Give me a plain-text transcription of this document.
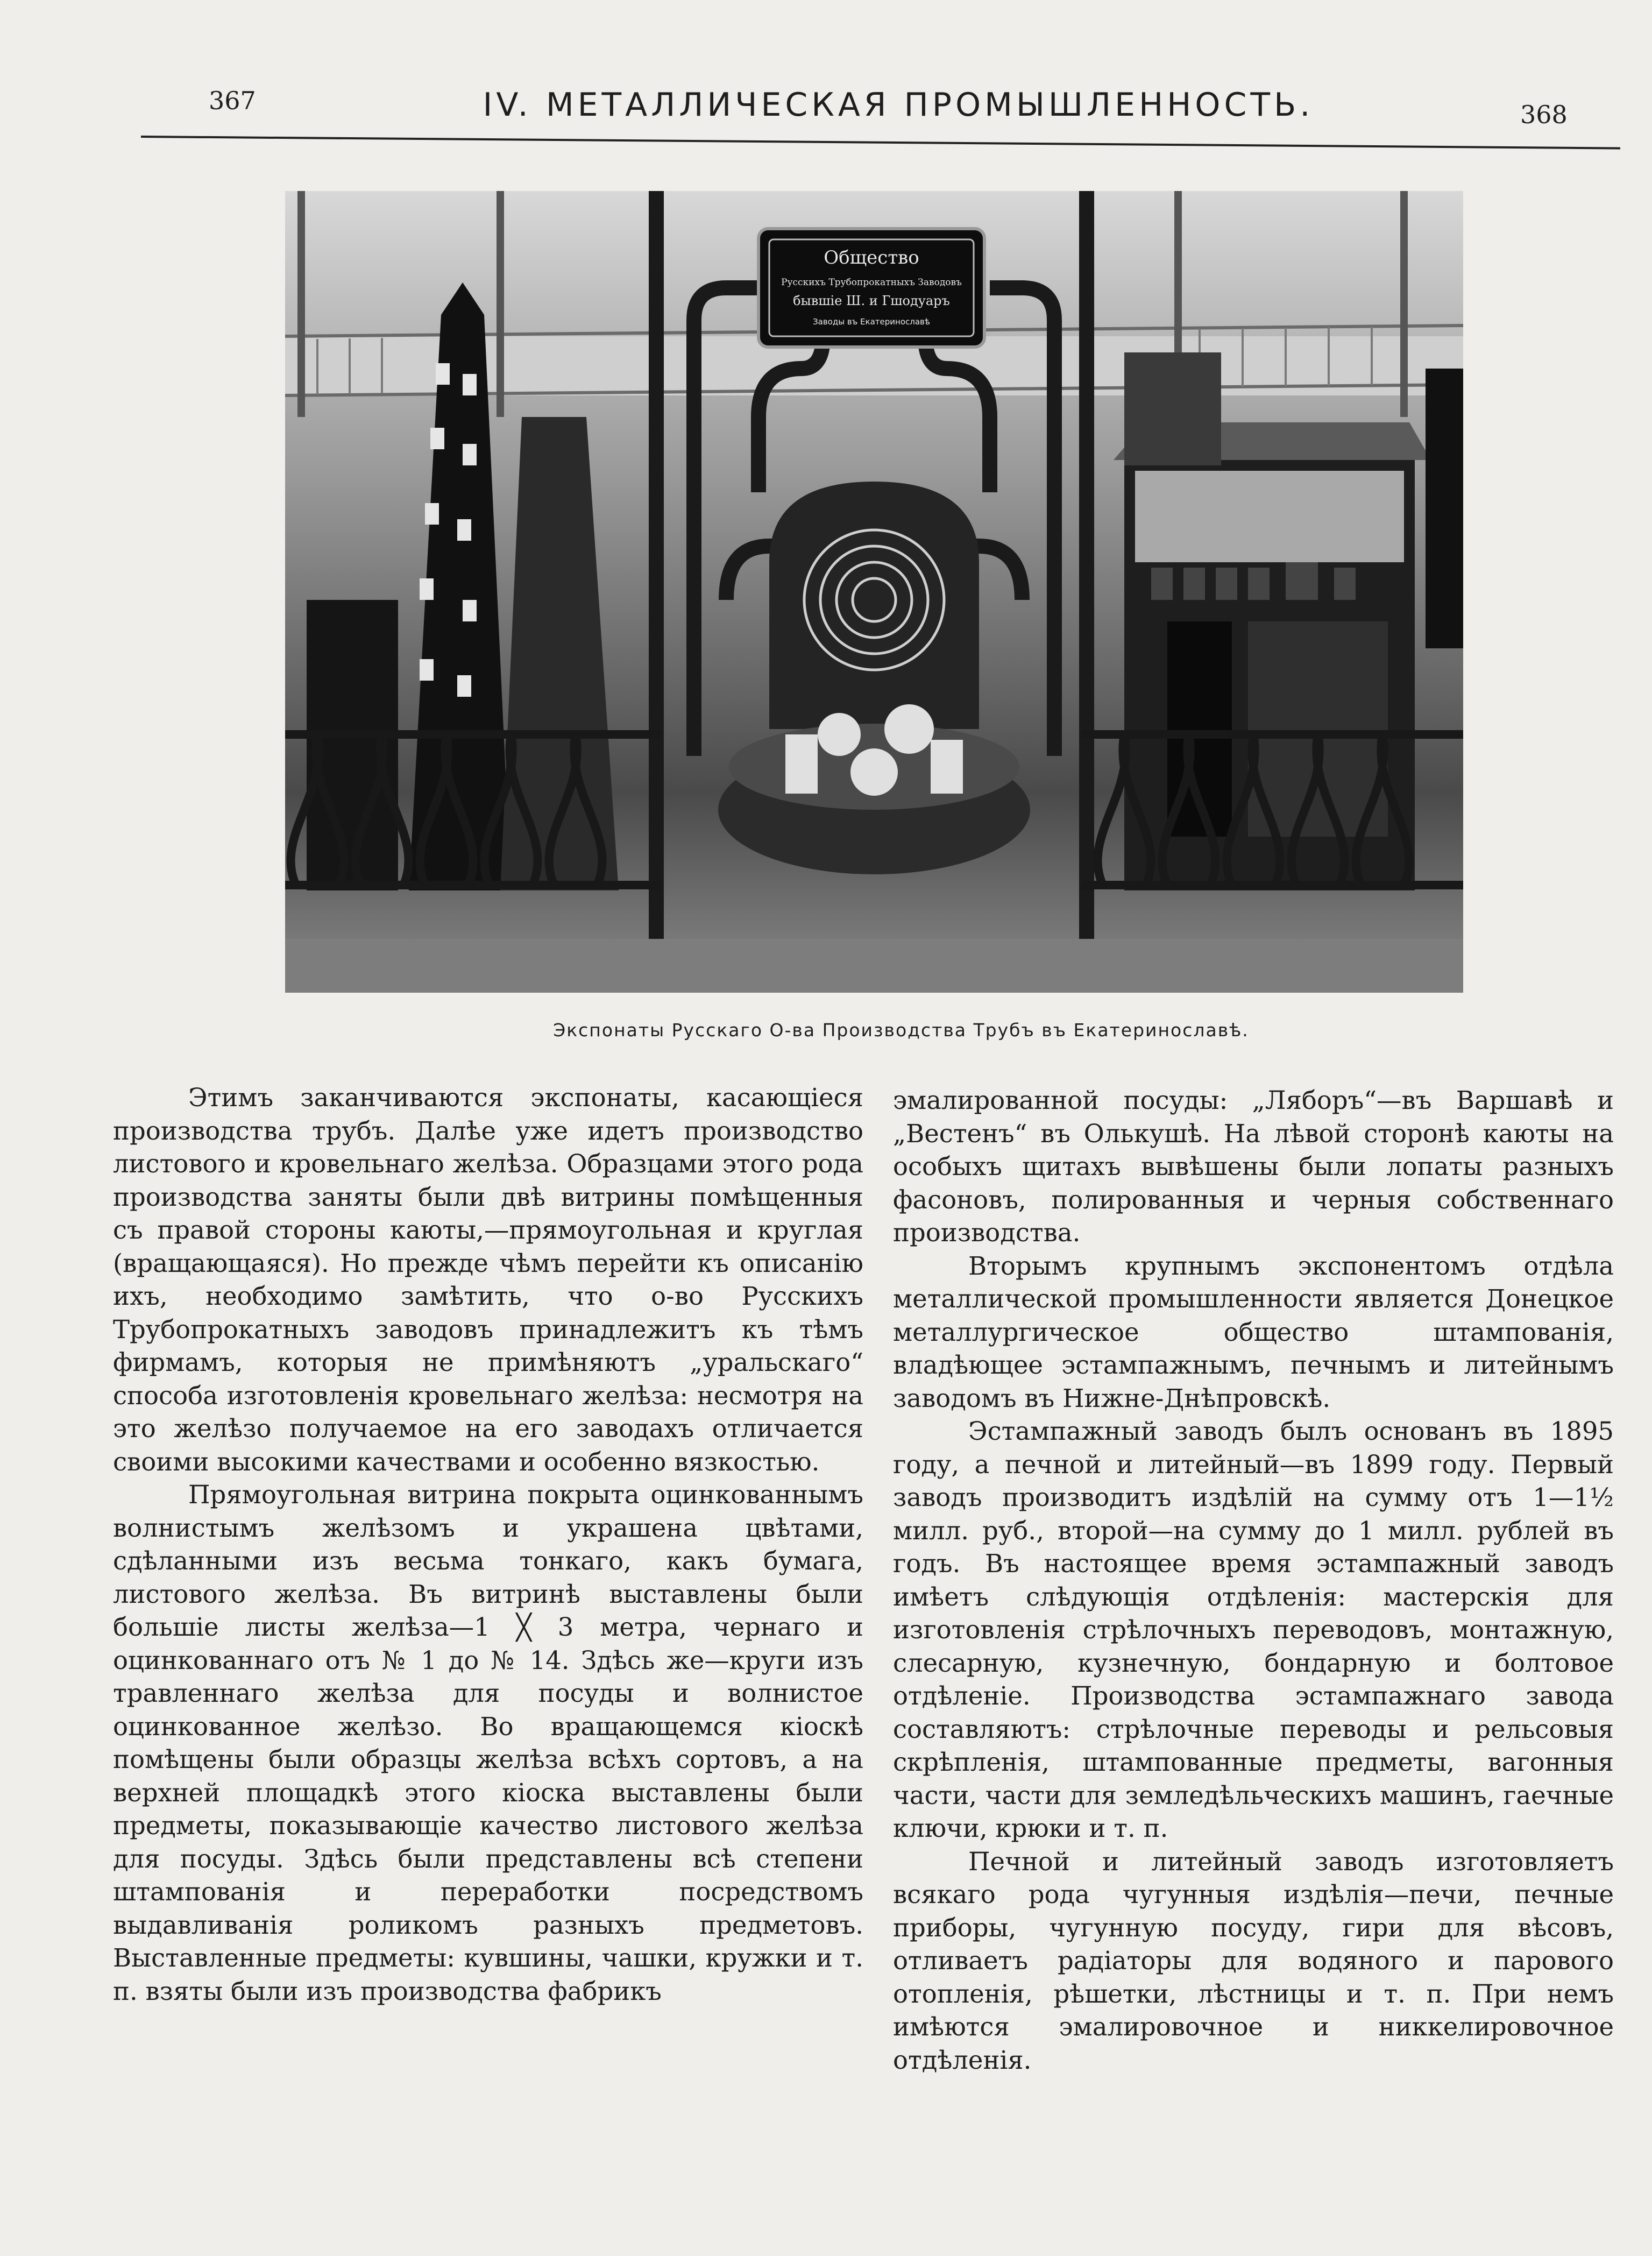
367	IV. МЕТАЛЛИЧЕСКАЯ ПРОМЫШЛЕННОСТЬ.	368
Общество
Русскихъ Трубопрокатныхъ Заводовъ
бывшіе Ш. и Гшодуаръ
Заводы въ Екатеринославѣ
Экспонаты Русскаго О-ва Производства Трубъ въ Екатеринославѣ.

Этимъ заканчиваются экспонаты, касающіеся производства трубъ. Далѣе уже идетъ производство листового и кровельнаго желѣза. Образцами этого рода производства заняты были двѣ витрины помѣщенныя съ правой стороны каюты,—прямоугольная и круглая (вращающаяся). Но прежде чѣмъ перейти къ описанію ихъ, необходимо замѣтить, что о-во Русскихъ Трубопрокатныхъ заводовъ принадлежитъ къ тѣмъ фирмамъ, которыя не примѣняютъ „уральскаго“ способа изготовленія кровельнаго желѣза: несмотря на это желѣзо получаемое на его заводахъ отличается своими высокими качествами и особенно вязкостью.

Прямоугольная витрина покрыта оцинкованнымъ волнистымъ желѣзомъ и украшена цвѣтами, сдѣланными изъ весьма тонкаго, какъ бумага, листового желѣза. Въ витринѣ выставлены были большіе листы желѣза—1 ╳ 3 метра, чернаго и оцинкованнаго отъ № 1 до № 14. Здѣсь же—круги изъ травленнаго желѣза для посуды и волнистое оцинкованное желѣзо. Во вращающемся кіоскѣ помѣщены были образцы желѣза всѣхъ сортовъ, а на верхней площадкѣ этого кіоска выставлены были предметы, показывающіе качество листового желѣза для посуды. Здѣсь были представлены всѣ степени штампованія и переработки посредствомъ выдавливанія роликомъ разныхъ предметовъ. Выставленные предметы: кувшины, чашки, кружки и т. п. взяты были изъ производства фабрикъ

эмалированной посуды: „Ляборъ“—въ Варшавѣ и „Вестенъ“ въ Олькушѣ. На лѣвой сторонѣ каюты на особыхъ щитахъ вывѣшены были лопаты разныхъ фасоновъ, полированныя и черныя собственнаго производства.

Вторымъ крупнымъ экспонентомъ отдѣла металлической промышленности является Донецкое металлургическое общество штампованія, владѣющее эстампажнымъ, печнымъ и литейнымъ заводомъ въ Нижне-Днѣпровскѣ.

Эстампажный заводъ былъ основанъ въ 1895 году, а печной и литейный—въ 1899 году. Первый заводъ производитъ издѣлій на сумму отъ 1—1½ милл. руб., второй—на сумму до 1 милл. рублей въ годъ. Въ настоящее время эстампажный заводъ имѣетъ слѣдующія отдѣленія: мастерскія для изготовленія стрѣлочныхъ переводовъ, монтажную, слесарную, кузнечную, бондарную и болтовое отдѣленіе. Производства эстампажнаго завода составляютъ: стрѣлочные переводы и рельсовыя скрѣпленія, штампованные предметы, вагонныя части, части для земледѣльческихъ машинъ, гаечные ключи, крюки и т. п.

Печной и литейный заводъ изготовляетъ всякаго рода чугунныя издѣлія—печи, печные приборы, чугунную посуду, гири для вѣсовъ, отливаетъ радіаторы для водяного и парового отопленія, рѣшетки, лѣстницы и т. п. При немъ имѣются эмалировочное и никкелировочное отдѣленія.
